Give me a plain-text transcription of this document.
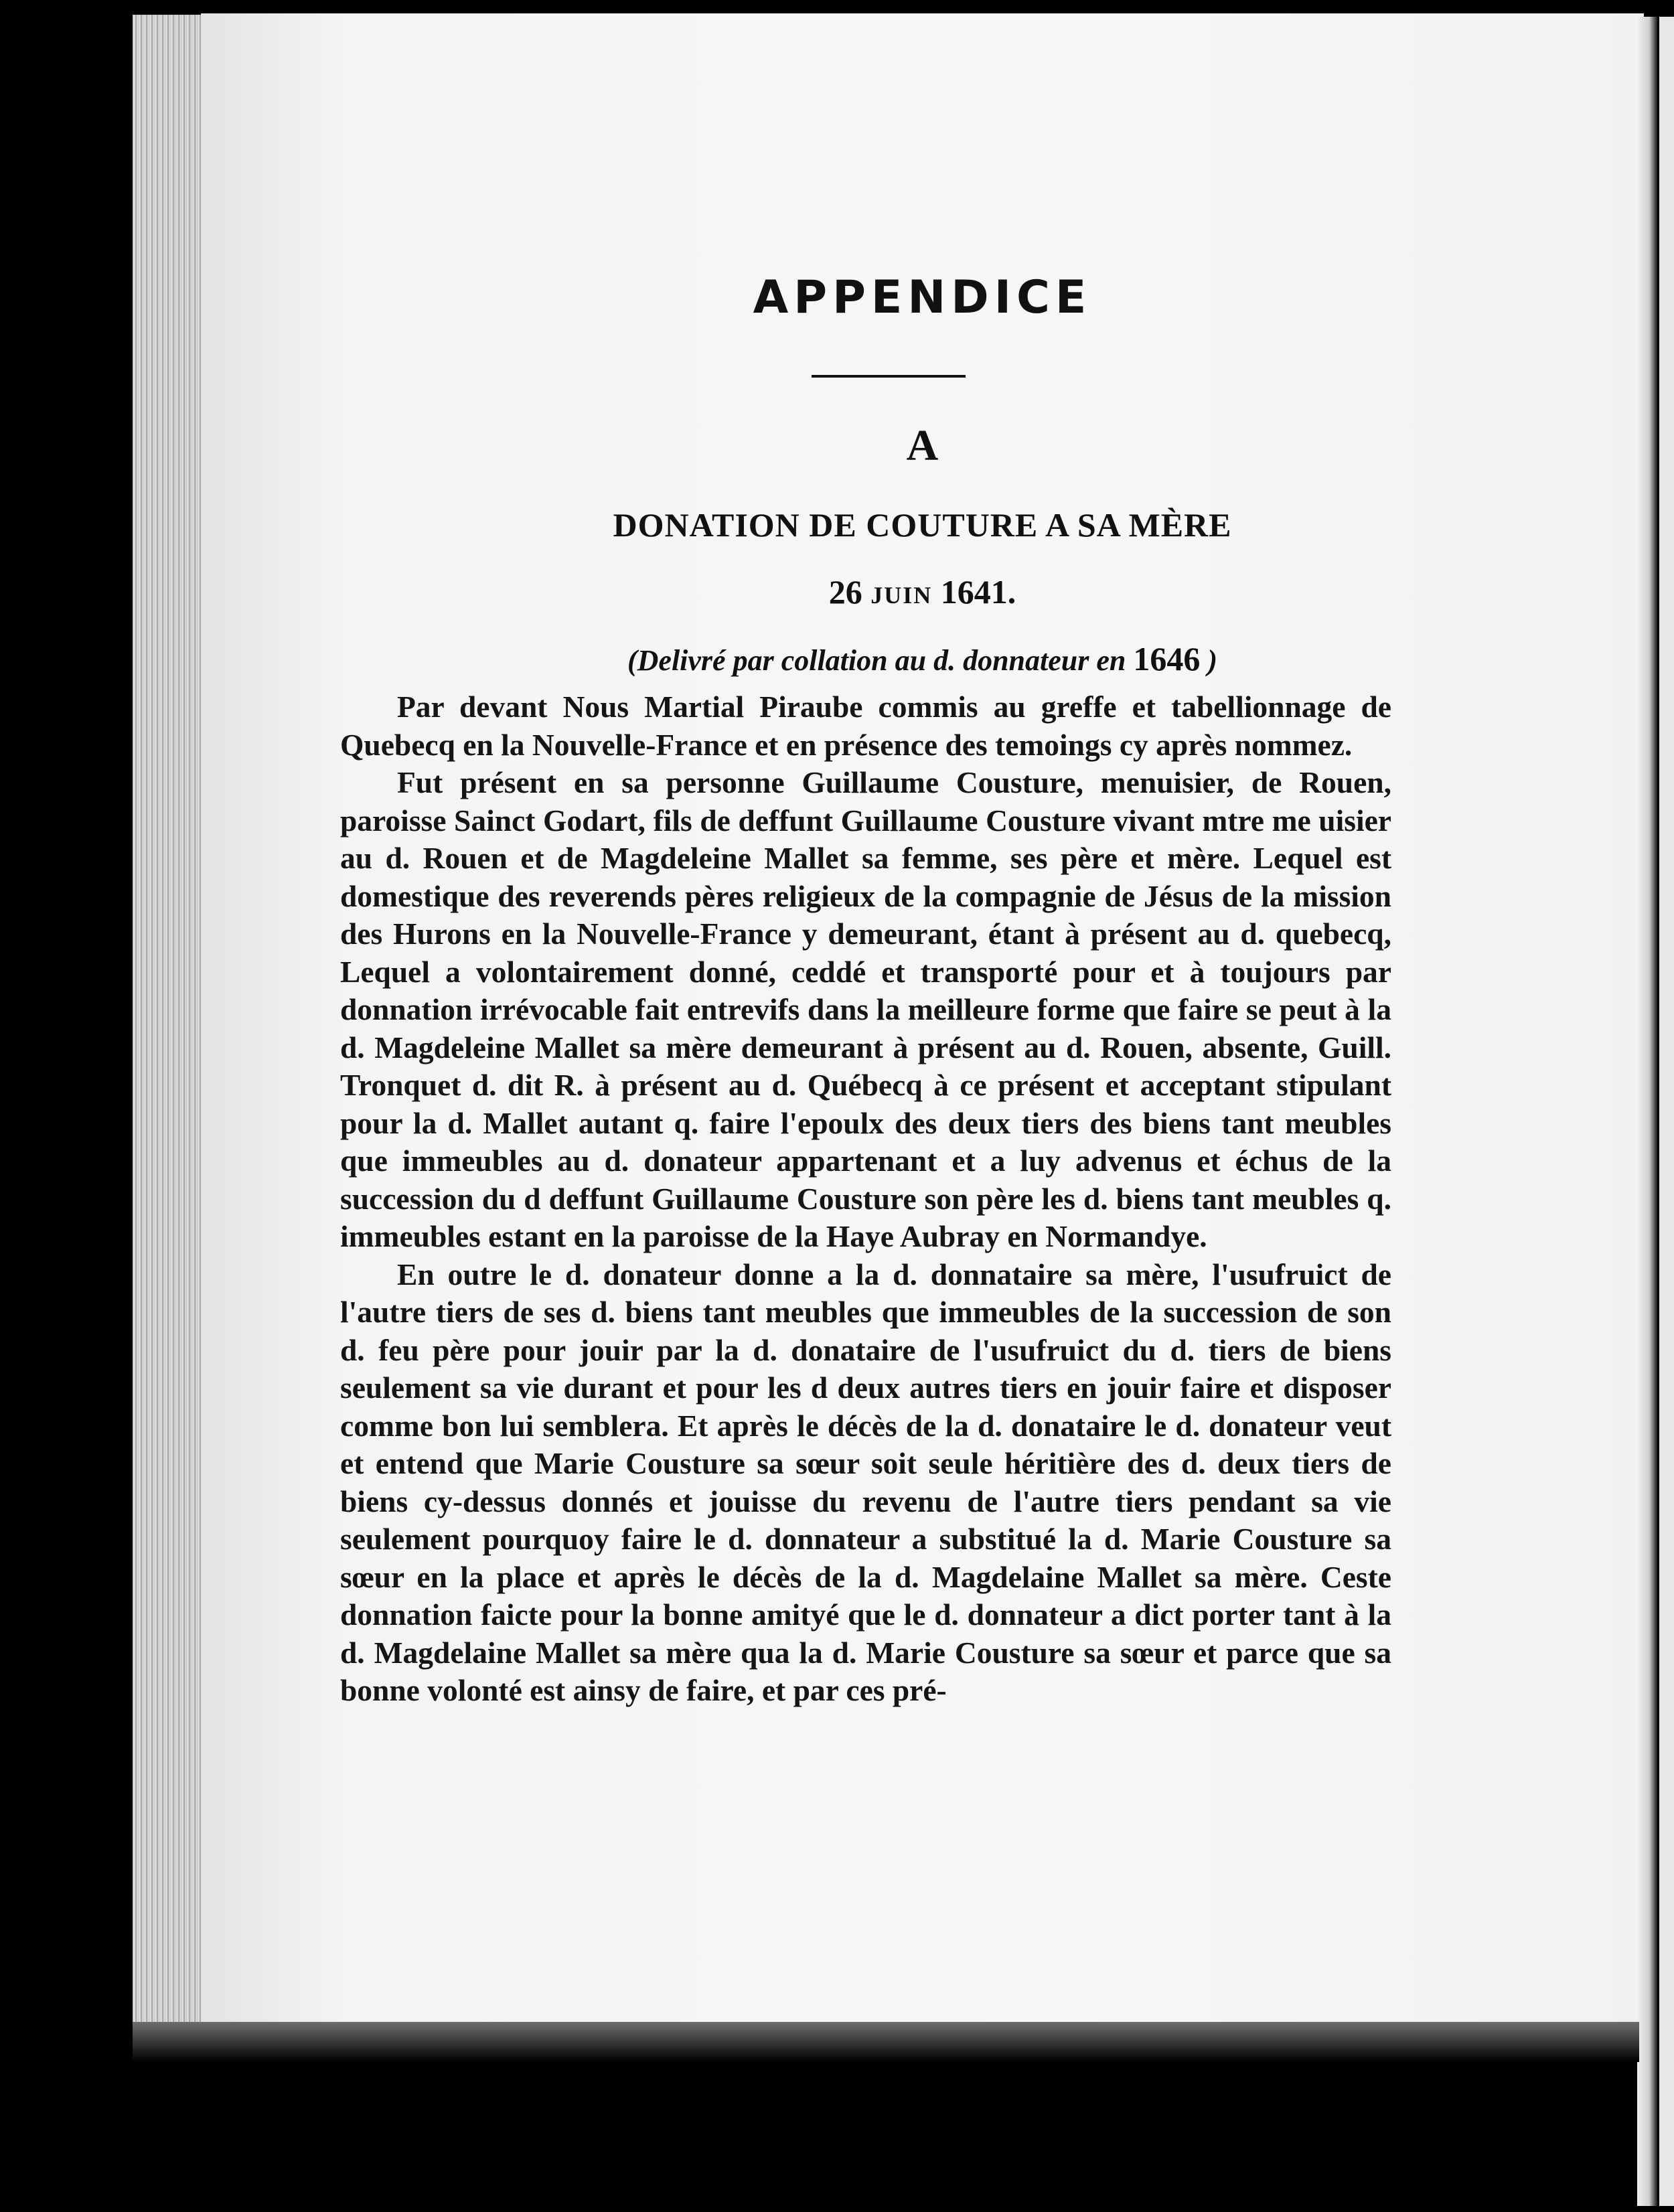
APPENDICE
A
DONATION DE COUTURE A SA MÈRE
26 JUIN 1641.
(Delivré par collation au d. donnateur en 1646 )

Par devant Nous Martial Piraube commis au greffe et tabellionnage de Quebecq en la Nouvelle-France et en présence des temoings cy après nommez.

Fut présent en sa personne Guillaume Cousture, menuisier, de Rouen, paroisse Sainct Godart, fils de deffunt Guillaume Cousture vivant mtre me uisier au d. Rouen et de Magdeleine Mallet sa femme, ses père et mère. Lequel est domestique des reverends pères religieux de la compagnie de Jésus de la mission des Hurons en la Nouvelle-France y demeurant, étant à présent au d. quebecq, Lequel a volontairement donné, ceddé et transporté pour et à toujours par donnation irrévocable fait entrevifs dans la meilleure forme que faire se peut à la d. Magdeleine Mallet sa mère demeurant à présent au d. Rouen, absente, Guill. Tronquet d. dit R. à présent au d. Québecq à ce présent et acceptant stipulant pour la d. Mallet autant q. faire l'epoulx des deux tiers des biens tant meubles que immeubles au d. donateur appartenant et a luy advenus et échus de la succession du d deffunt Guillaume Cousture son père les d. biens tant meubles q. immeubles estant en la paroisse de la Haye Aubray en Normandye.

En outre le d. donateur donne a la d. donnataire sa mère, l'usufruict de l'autre tiers de ses d. biens tant meubles que immeubles de la succession de son d. feu père pour jouir par la d. donataire de l'usufruict du d. tiers de biens seulement sa vie durant et pour les d deux autres tiers en jouir faire et disposer comme bon lui semblera. Et après le décès de la d. donataire le d. donateur veut et entend que Marie Cousture sa sœur soit seule héritière des d. deux tiers de biens cy-dessus donnés et jouisse du revenu de l'autre tiers pendant sa vie seulement pourquoy faire le d. donnateur a substitué la d. Marie Cousture sa sœur en la place et après le décès de la d. Magdelaine Mallet sa mère. Ceste donnation faicte pour la bonne amityé que le d. donnateur a dict porter tant à la d. Magdelaine Mallet sa mère qua la d. Marie Cousture sa sœur et parce que sa bonne volonté est ainsy de faire, et par ces pré-
